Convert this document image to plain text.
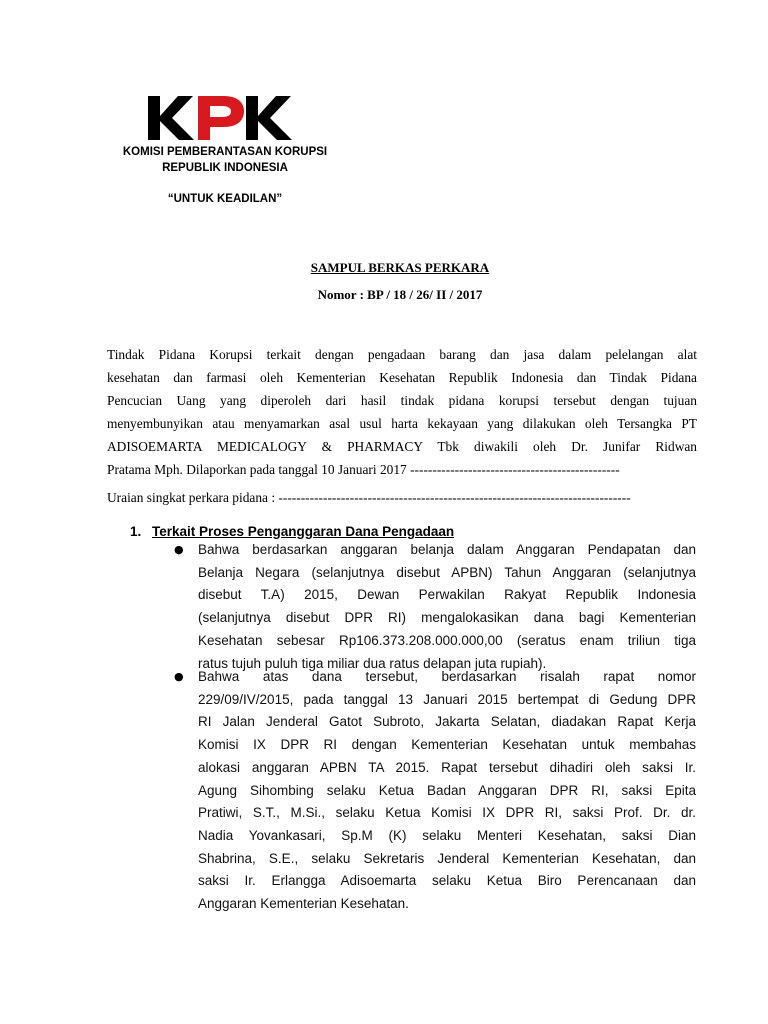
KOMISI PEMBERANTASAN KORUPSI
REPUBLIK INDONESIA
“UNTUK KEADILAN”
SAMPUL BERKAS PERKARA
Nomor : BP / 18 / 26/ II / 2017
Tindak Pidana Korupsi terkait dengan pengadaan barang dan jasa dalam pelelangan alat
kesehatan dan farmasi oleh Kementerian Kesehatan Republik Indonesia dan Tindak Pidana
Pencucian Uang yang diperoleh dari hasil tindak pidana korupsi tersebut dengan tujuan
menyembunyikan atau menyamarkan asal usul harta kekayaan yang dilakukan oleh Tersangka PT
ADISOEMARTA MEDICALOGY & PHARMACY Tbk diwakili oleh Dr. Junifar Ridwan
Pratama Mph. Dilaporkan pada tanggal 10 Januari 2017 -----------------------------------------------
Uraian singkat perkara pidana : -------------------------------------------------------------------------------
1. Terkait Proses Penganggaran Dana Pengadaan
● Bahwa berdasarkan anggaran belanja dalam Anggaran Pendapatan dan
Belanja Negara (selanjutnya disebut APBN) Tahun Anggaran (selanjutnya
disebut T.A) 2015, Dewan Perwakilan Rakyat Republik Indonesia
(selanjutnya disebut DPR RI) mengalokasikan dana bagi Kementerian
Kesehatan sebesar Rp106.373.208.000.000,00 (seratus enam triliun tiga
ratus tujuh puluh tiga miliar dua ratus delapan juta rupiah).
● Bahwa atas dana tersebut, berdasarkan risalah rapat nomor
229/09/IV/2015, pada tanggal 13 Januari 2015 bertempat di Gedung DPR
RI Jalan Jenderal Gatot Subroto, Jakarta Selatan, diadakan Rapat Kerja
Komisi IX DPR RI dengan Kementerian Kesehatan untuk membahas
alokasi anggaran APBN TA 2015. Rapat tersebut dihadiri oleh saksi Ir.
Agung Sihombing selaku Ketua Badan Anggaran DPR RI, saksi Epita
Pratiwi, S.T., M.Si., selaku Ketua Komisi IX DPR RI, saksi Prof. Dr. dr.
Nadia Yovankasari, Sp.M (K) selaku Menteri Kesehatan, saksi Dian
Shabrina, S.E., selaku Sekretaris Jenderal Kementerian Kesehatan, dan
saksi Ir. Erlangga Adisoemarta selaku Ketua Biro Perencanaan dan
Anggaran Kementerian Kesehatan.
